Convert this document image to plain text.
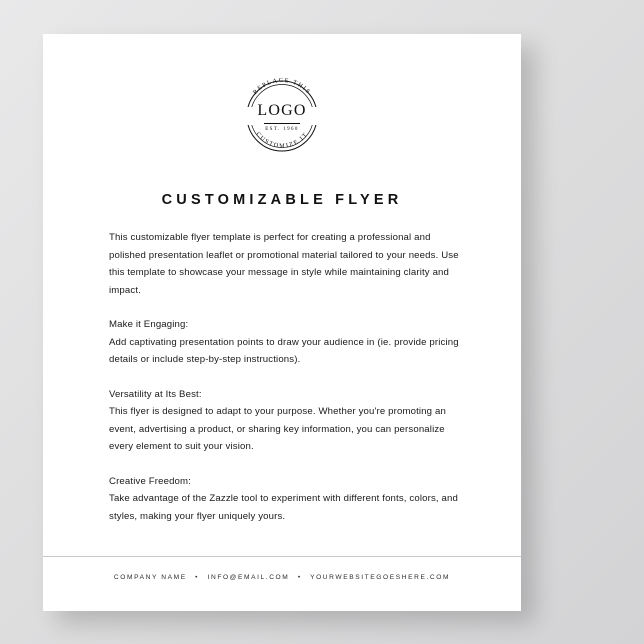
REPLACE THIS
CUSTOMIZE IT
LOGO
EST. 1960
CUSTOMIZABLE FLYER

This customizable flyer template is perfect for creating a professional and polished presentation leaflet or promotional material tailored to your needs. Use this template to showcase your message in style while maintaining clarity and impact.

Make it Engaging:
Add captivating presentation points to draw your audience in (ie. provide pricing details or include step-by-step instructions).

Versatility at Its Best:
This flyer is designed to adapt to your purpose. Whether you're promoting an event, advertising a product, or sharing key information, you can personalize every element to suit your vision.

Creative Freedom:
Take advantage of the Zazzle tool to experiment with different fonts, colors, and styles, making your flyer uniquely yours.

COMPANY NAME • INFO@EMAIL.COM • YOURWEBSITEGOESHERE.COM
